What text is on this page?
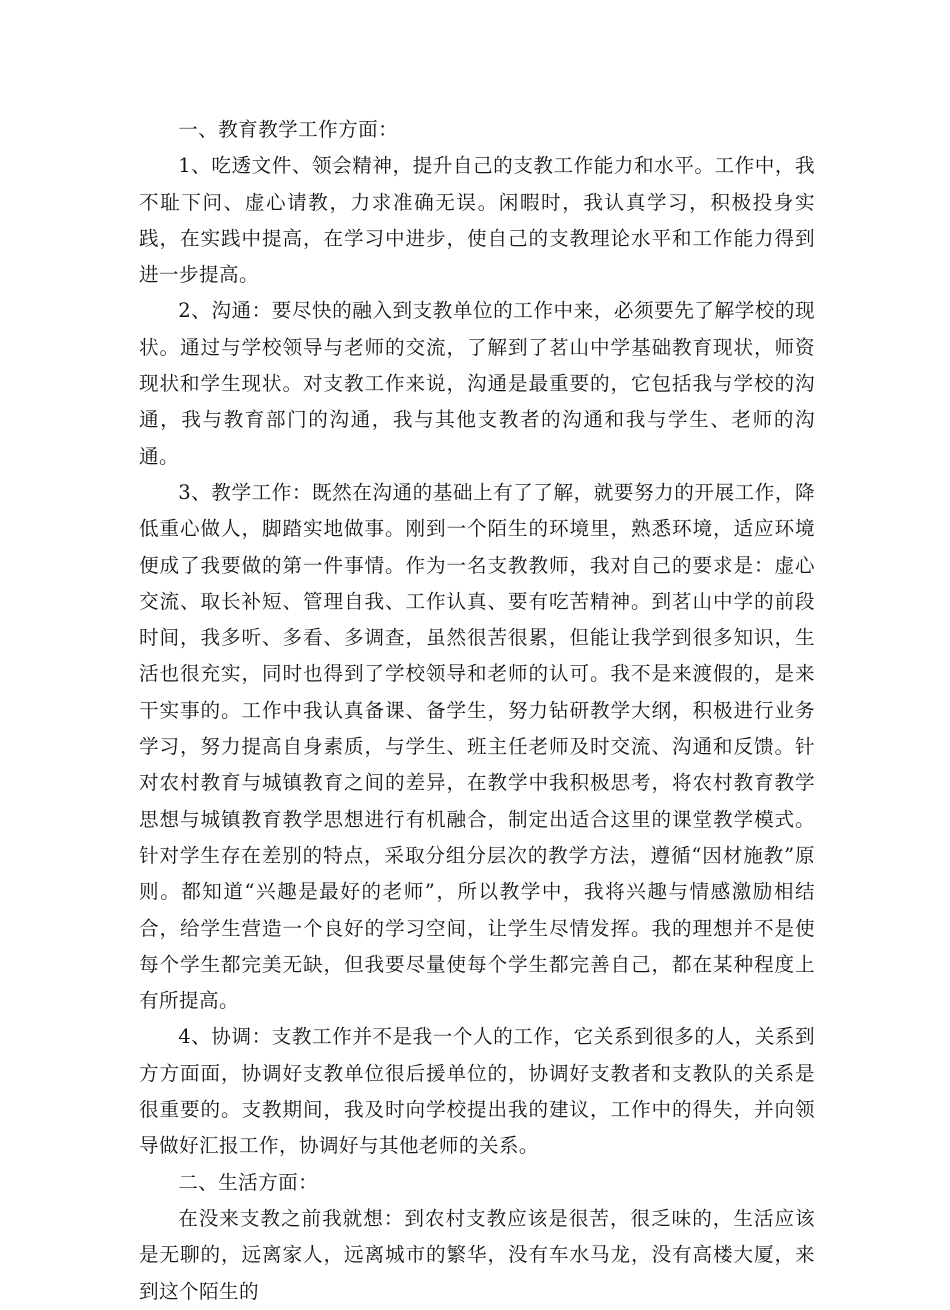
一、教育教学工作方面：

1、吃透文件、领会精神，提升自己的支教工作能力和水平。工作中，我不耻下问、虚心请教，力求准确无误。闲暇时，我认真学习，积极投身实践，在实践中提高，在学习中进步，使自己的支教理论水平和工作能力得到进一步提高。

2、沟通：要尽快的融入到支教单位的工作中来，必须要先了解学校的现状。通过与学校领导与老师的交流，了解到了茗山中学基础教育现状，师资现状和学生现状。对支教工作来说，沟通是最重要的，它包括我与学校的沟通，我与教育部门的沟通，我与其他支教者的沟通和我与学生、老师的沟通。

3、教学工作：既然在沟通的基础上有了了解，就要努力的开展工作，降低重心做人，脚踏实地做事。刚到一个陌生的环境里，熟悉环境，适应环境便成了我要做的第一件事情。作为一名支教教师，我对自己的要求是：虚心交流、取长补短、管理自我、工作认真、要有吃苦精神。到茗山中学的前段时间，我多听、多看、多调查，虽然很苦很累，但能让我学到很多知识，生活也很充实，同时也得到了学校领导和老师的认可。我不是来渡假的，是来干实事的。工作中我认真备课、备学生，努力钻研教学大纲，积极进行业务学习，努力提高自身素质，与学生、班主任老师及时交流、沟通和反馈。针对农村教育与城镇教育之间的差异，在教学中我积极思考，将农村教育教学思想与城镇教育教学思想进行有机融合，制定出适合这里的课堂教学模式。针对学生存在差别的特点，采取分组分层次的教学方法，遵循“因材施教”原则。都知道“兴趣是最好的老师”，所以教学中，我将兴趣与情感激励相结合，给学生营造一个良好的学习空间，让学生尽情发挥。我的理想并不是使每个学生都完美无缺，但我要尽量使每个学生都完善自己，都在某种程度上有所提高。

4、协调：支教工作并不是我一个人的工作，它关系到很多的人，关系到方方面面，协调好支教单位很后援单位的，协调好支教者和支教队的关系是很重要的。支教期间，我及时向学校提出我的建议，工作中的得失，并向领导做好汇报工作，协调好与其他老师的关系。

二、生活方面：

在没来支教之前我就想：到农村支教应该是很苦，很乏味的，生活应该是无聊的，远离家人，远离城市的繁华，没有车水马龙，没有高楼大厦，来到这个陌生的
